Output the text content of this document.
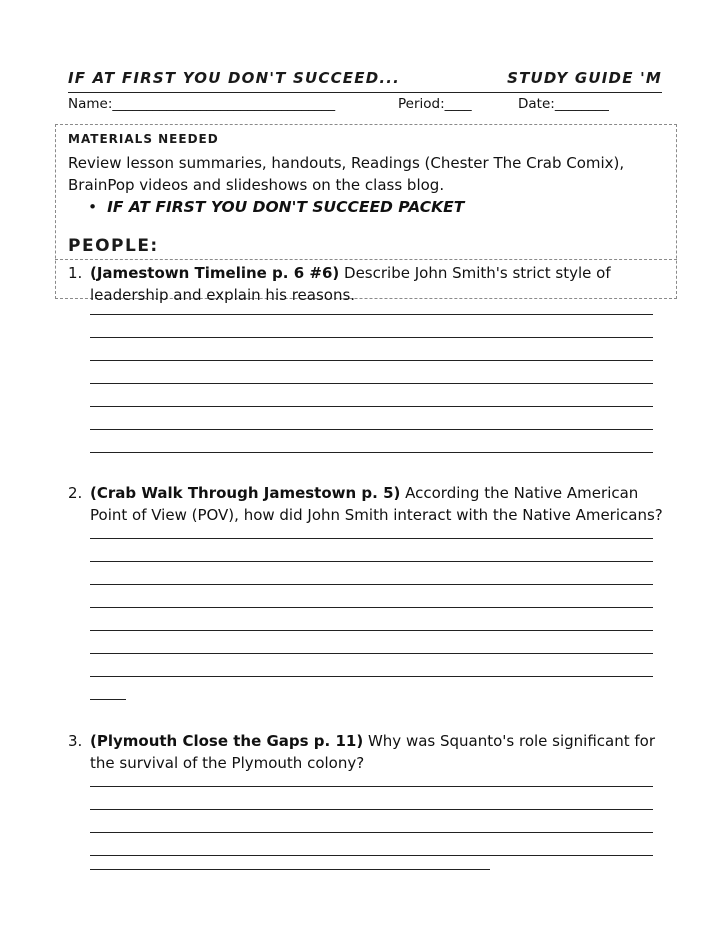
IF AT FIRST YOU DON'T SUCCEED...	STUDY GUIDE 'M
Name:_________________________________	Period:____	Date:________
MATERIALS NEEDED
Review lesson summaries, handouts, Readings (Chester The Crab Comix),
BrainPop videos and slideshows on the class blog.
• IF AT FIRST YOU DON'T SUCCEED PACKET
PEOPLE:
1. (Jamestown Timeline p. 6 #6) Describe John Smith's strict style of
leadership and explain his reasons.
2. (Crab Walk Through Jamestown p. 5) According the Native American
Point of View (POV), how did John Smith interact with the Native Americans?
3. (Plymouth Close the Gaps p. 11) Why was Squanto's role significant for
the survival of the Plymouth colony?
